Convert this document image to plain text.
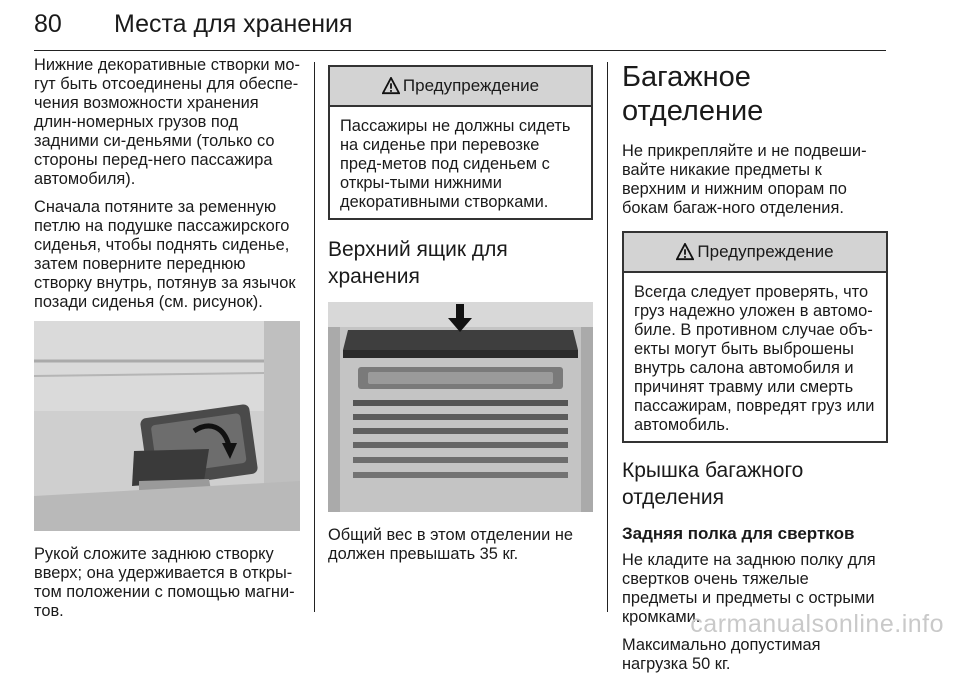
80 Места для хранения

Нижние декоративные створки мо-гут быть отсоединены для обеспе-чения возможности хранения длин-номерных грузов под задними си-деньями (только со стороны перед-него пассажира автомобиля).

Сначала потяните за ременную петлю на подушке пассажирского сиденья, чтобы поднять сиденье, затем поверните переднюю створку внутрь, потянув за язычок позади сиденья (см. рисунок).

Рукой сложите заднюю створку вверх; она удерживается в откры-том положении с помощью магни-тов.

Предупреждение
Пассажиры не должны сидеть на сиденье при перевозке пред-метов под сиденьем с откры-тыми нижними декоративными створками.
Верхний ящик для хранения

Общий вес в этом отделении не должен превышать 35 кг.

Багажное отделение

Не прикрепляйте и не подвеши-вайте никакие предметы к верхним и нижним опорам по бокам багаж-ного отделения.

Предупреждение
Всегда следует проверять, что груз надежно уложен в автомо-биле. В противном случае объ-екты могут быть выброшены внутрь салона автомобиля и причинят травму или смерть пассажирам, повредят груз или автомобиль.
Крышка багажного отделения
Задняя полка для свертков

Не кладите на заднюю полку для свертков очень тяжелые предметы и предметы с острыми кромками.

Максимально допустимая нагрузка 50 кг.

carmanualsonline.info
